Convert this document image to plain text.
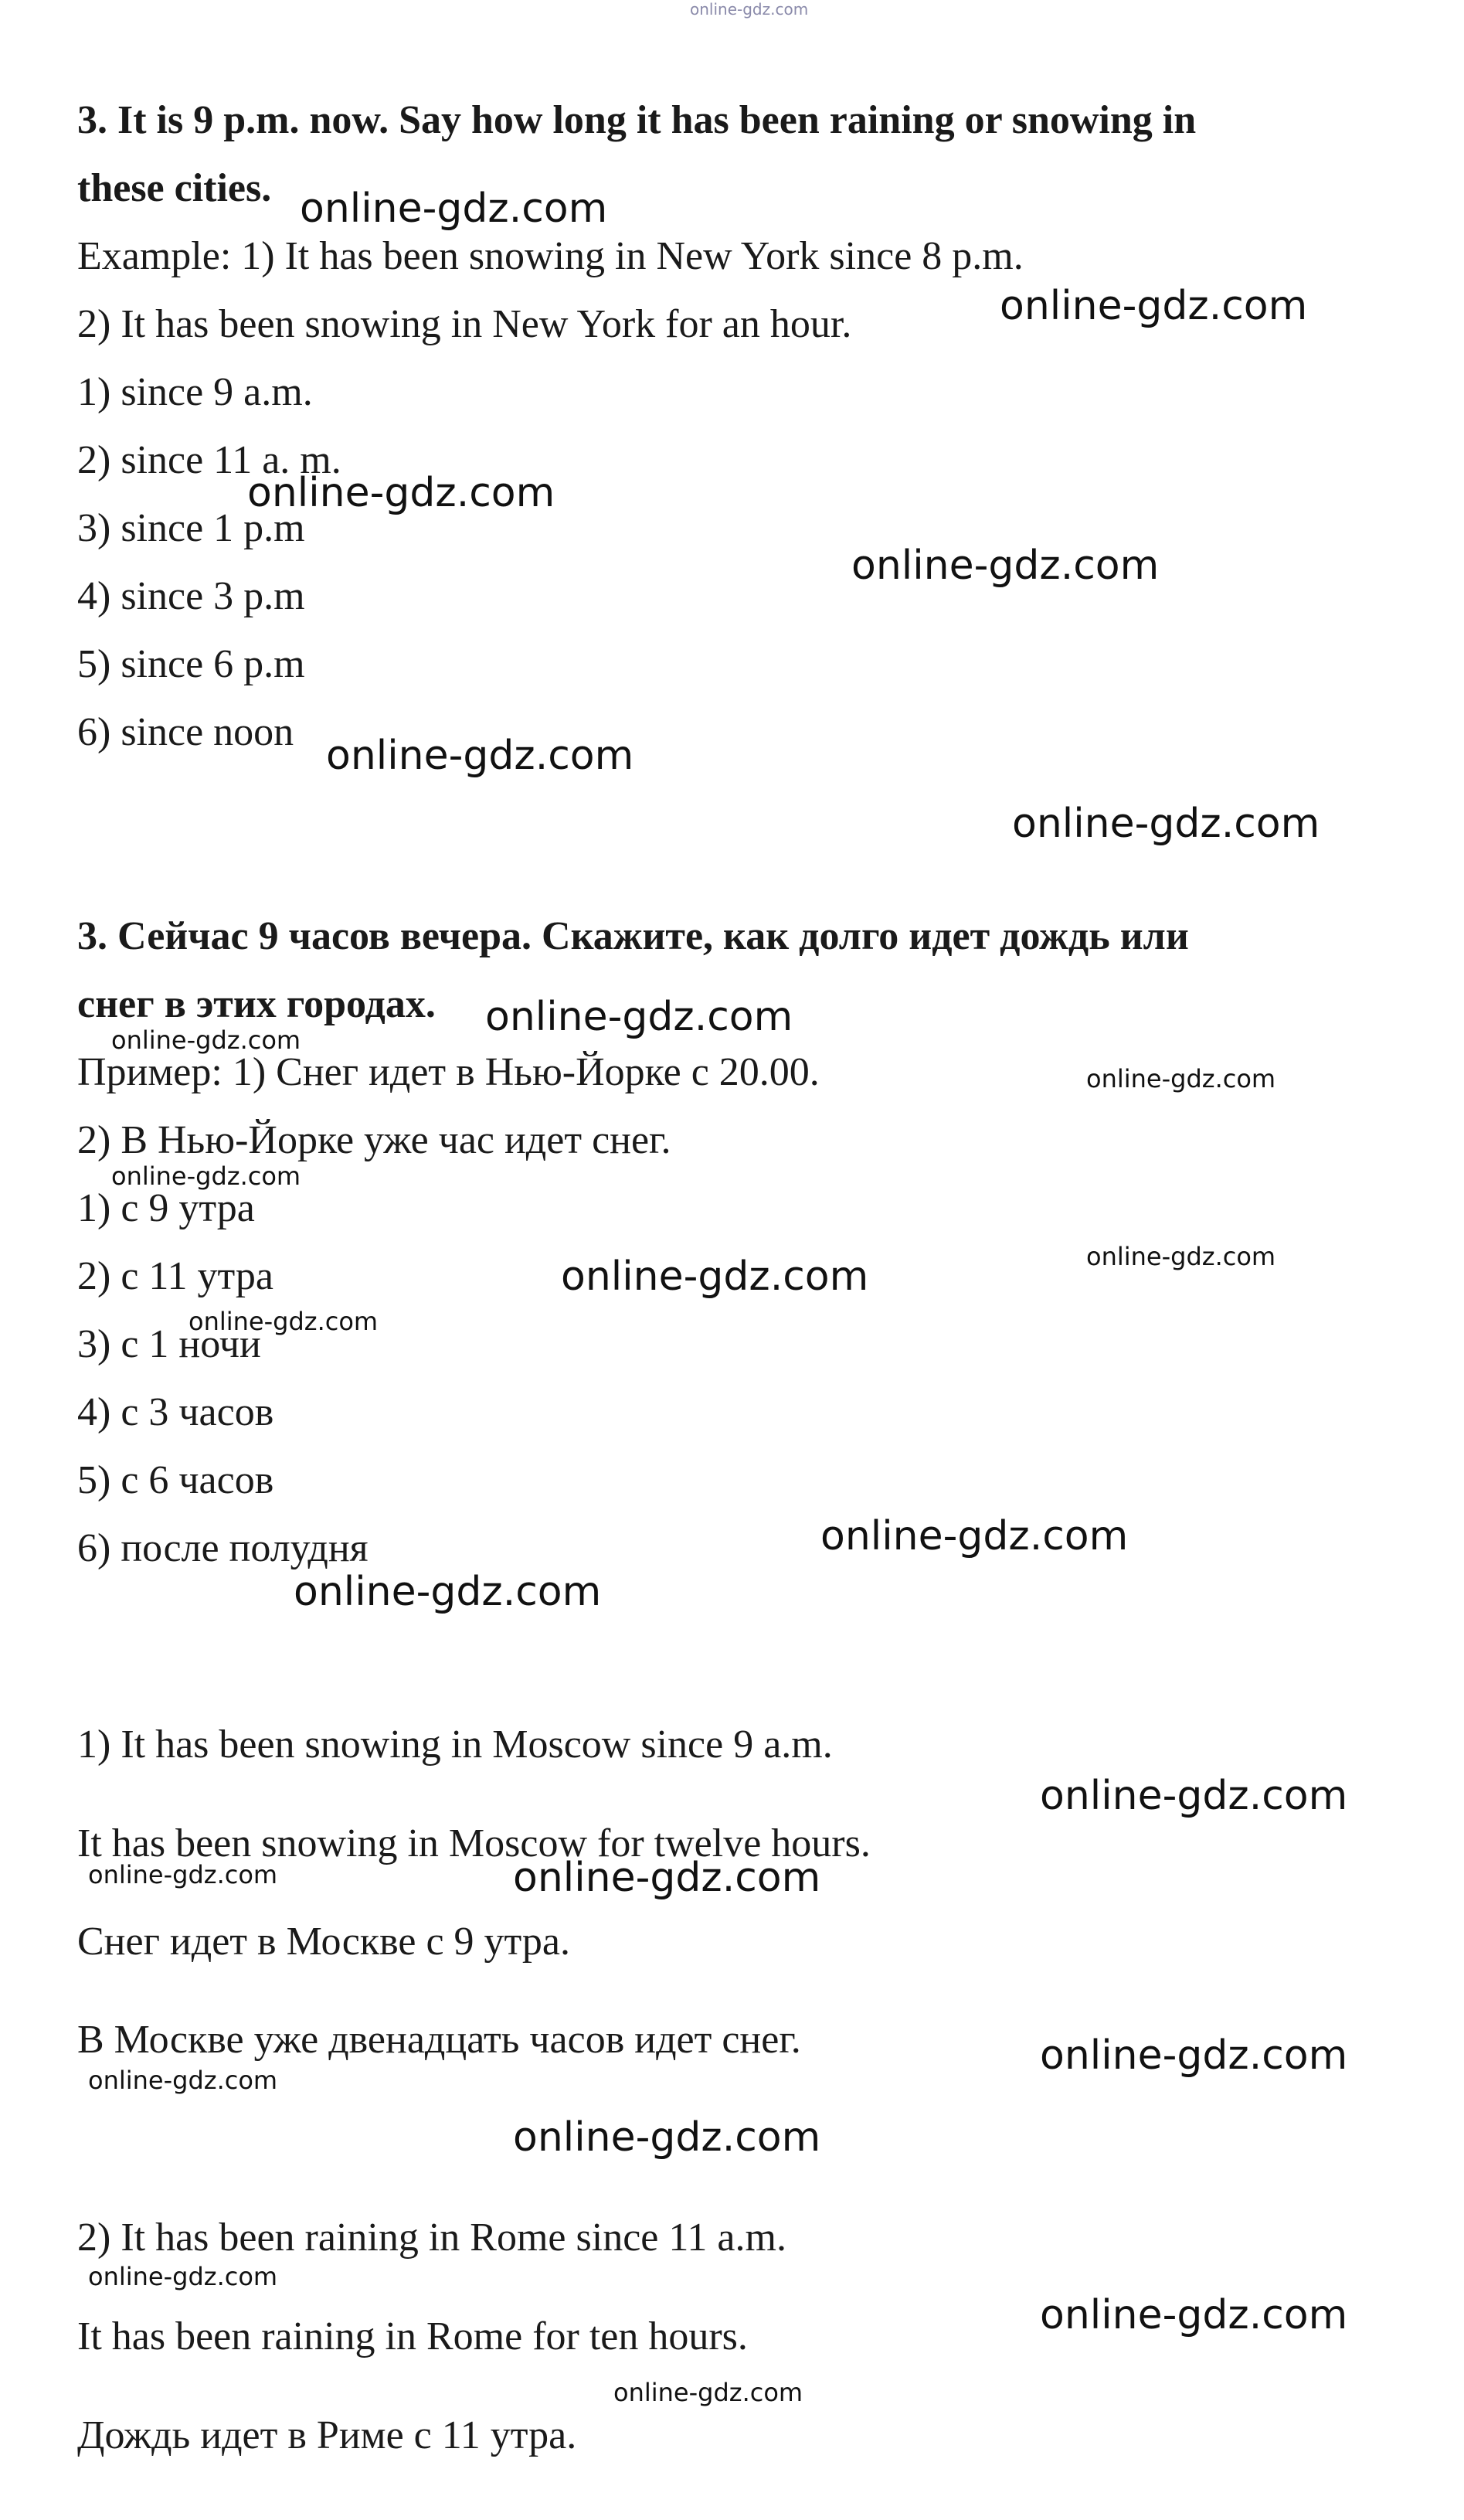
online-gdz.com
3. It is 9 p.m. now. Say how long it has been raining or snowing in
these cities.
Example: 1) It has been snowing in New York since 8 p.m.
2) It has been snowing in New York for an hour.
1) since 9 a.m.
2) since 11 a. m.
3) since 1 p.m
4) since 3 p.m
5) since 6 p.m
6) since noon
3. Сейчас 9 часов вечера. Скажите, как долго идет дождь или
снег в этих городах.
Пример: 1) Снег идет в Нью-Йорке с 20.00.
2) В Нью-Йорке уже час идет снег.
1) с 9 утра
2) с 11 утра
3) с 1 ночи
4) с 3 часов
5) с 6 часов
6) после полудня
1) It has been snowing in Moscow since 9 a.m.
It has been snowing in Moscow for twelve hours.
Снег идет в Москве с 9 утра.
В Москве уже двенадцать часов идет снег.
2) It has been raining in Rome since 11 a.m.
It has been raining in Rome for ten hours.
Дождь идет в Риме с 11 утра.
online-gdz.com
online-gdz.com
online-gdz.com
online-gdz.com
online-gdz.com
online-gdz.com
online-gdz.com
online-gdz.com
online-gdz.com
online-gdz.com
online-gdz.com
online-gdz.com
online-gdz.com
online-gdz.com
online-gdz.com
online-gdz.com
online-gdz.com
online-gdz.com
online-gdz.com
online-gdz.com
online-gdz.com
online-gdz.com
online-gdz.com
online-gdz.com
